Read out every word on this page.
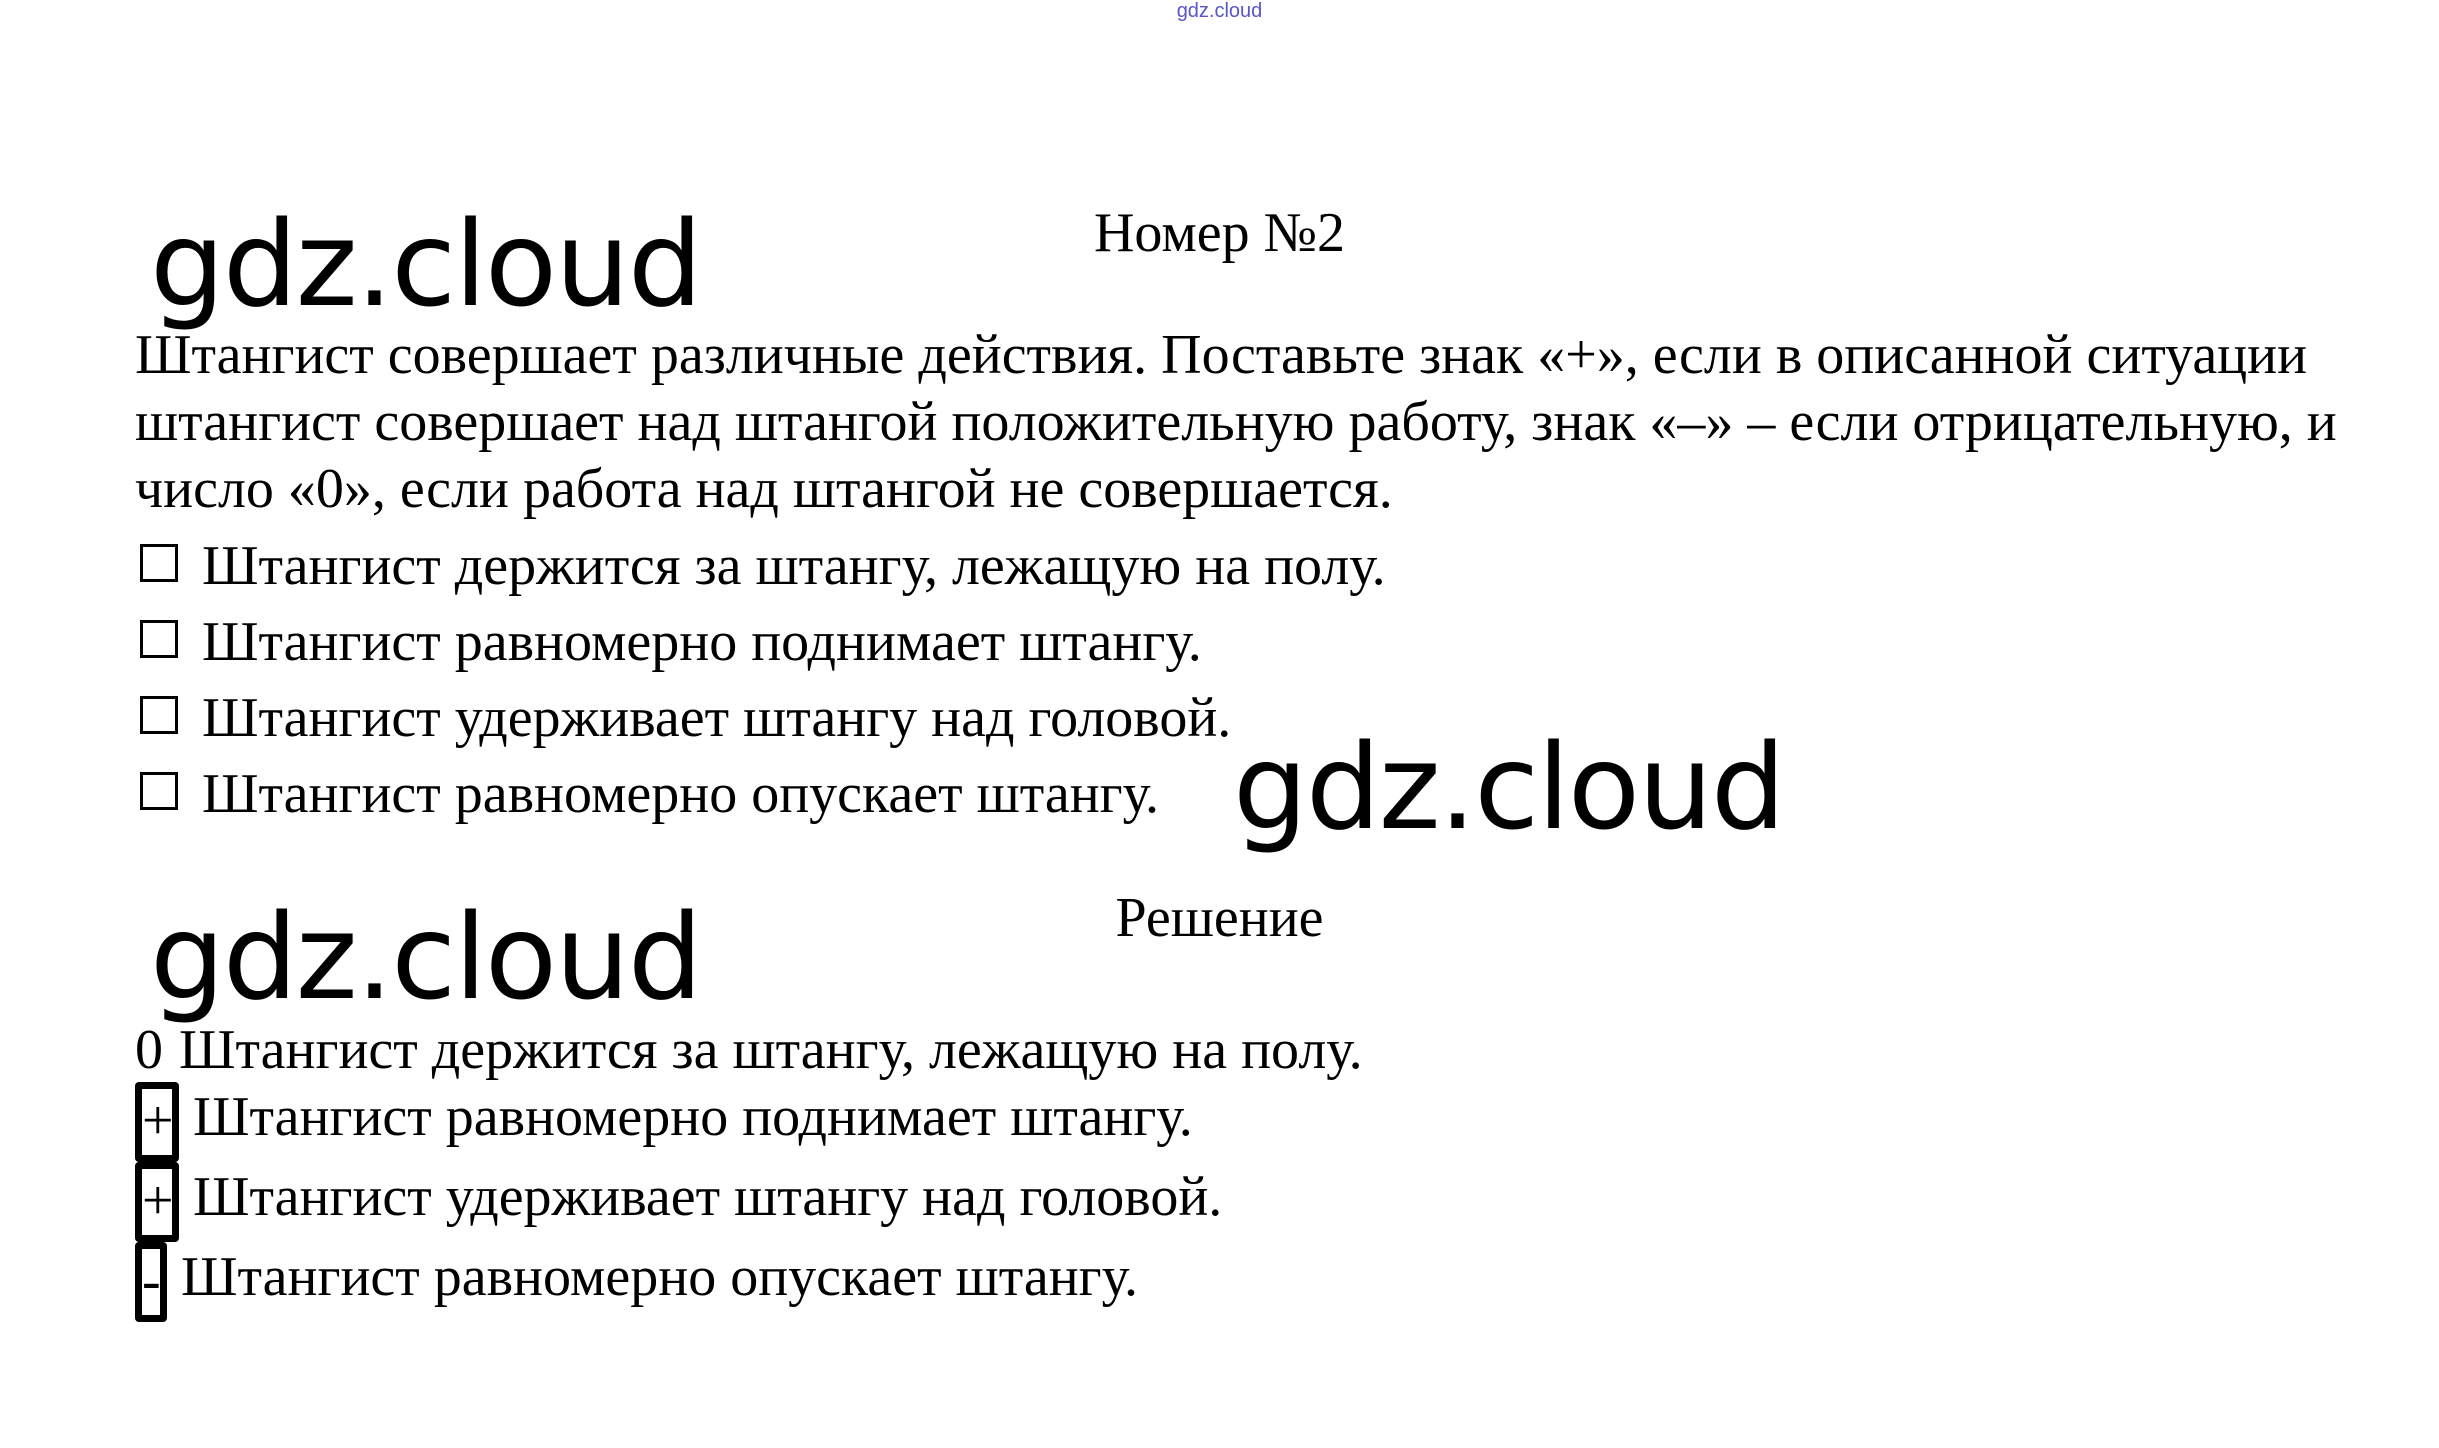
gdz.cloud
gdz.cloud	Номер №2
Штангист совершает различные действия. Поставьте знак «+», если в описанной ситуации штангист совершает над штангой положительную работу, знак «–» – если отрицательную, и число «0», если работа над штангой не совершается.
Штангист держится за штангу, лежащую на полу.
Штангист равномерно поднимает штангу.
Штангист удерживает штангу над головой.
Штангист равномерно опускает штангу. gdz.cloud
Решение
gdz.cloud
0 Штангист держится за штангу, лежащую на полу.
+ Штангист равномерно поднимает штангу.
+ Штангист удерживает штангу над головой.
- Штангист равномерно опускает штангу.
